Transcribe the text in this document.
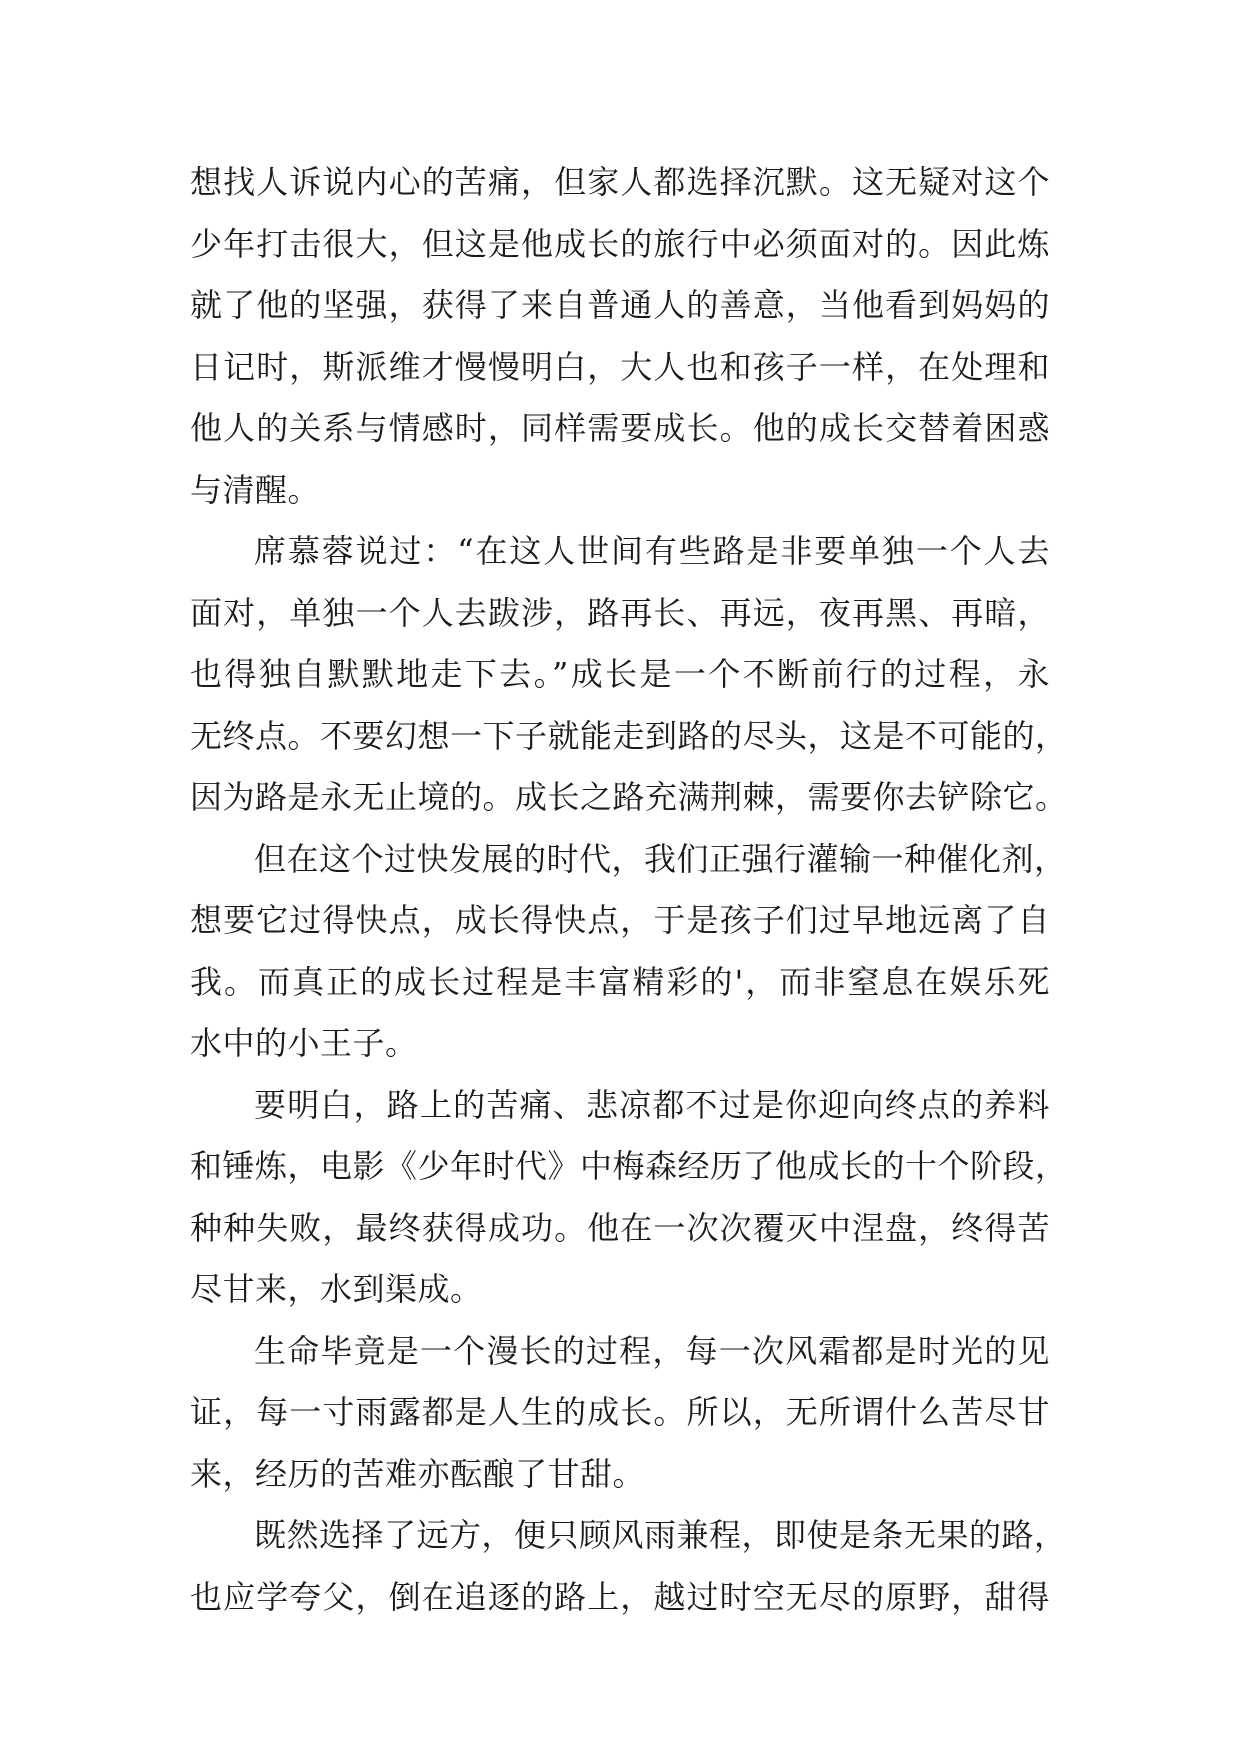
想找人诉说内心的苦痛，但家人都选择沉默。这无疑对这个
少年打击很大，但这是他成长的旅行中必须面对的。因此炼
就了他的坚强，获得了来自普通人的善意，当他看到妈妈的
日记时，斯派维才慢慢明白，大人也和孩子一样，在处理和
他人的关系与情感时，同样需要成长。他的成长交替着困惑
与清醒。
席慕蓉说过：“在这人世间有些路是非要单独一个人去
面对，单独一个人去跋涉，路再长、再远，夜再黑、再暗，
也得独自默默地走下去。”成长是一个不断前行的过程，永
无终点。不要幻想一下子就能走到路的尽头，这是不可能的，
因为路是永无止境的。成长之路充满荆棘，需要你去铲除它。
但在这个过快发展的时代，我们正强行灌输一种催化剂，
想要它过得快点，成长得快点，于是孩子们过早地远离了自
我。而真正的成长过程是丰富精彩的'，而非窒息在娱乐死
水中的小王子。
要明白，路上的苦痛、悲凉都不过是你迎向终点的养料
和锤炼，电影《少年时代》中梅森经历了他成长的十个阶段，
种种失败，最终获得成功。他在一次次覆灭中涅盘，终得苦
尽甘来，水到渠成。
生命毕竟是一个漫长的过程，每一次风霜都是时光的见
证，每一寸雨露都是人生的成长。所以，无所谓什么苦尽甘
来，经历的苦难亦酝酿了甘甜。
既然选择了远方，便只顾风雨兼程，即使是条无果的路，
也应学夸父，倒在追逐的路上，越过时空无尽的原野，甜得
